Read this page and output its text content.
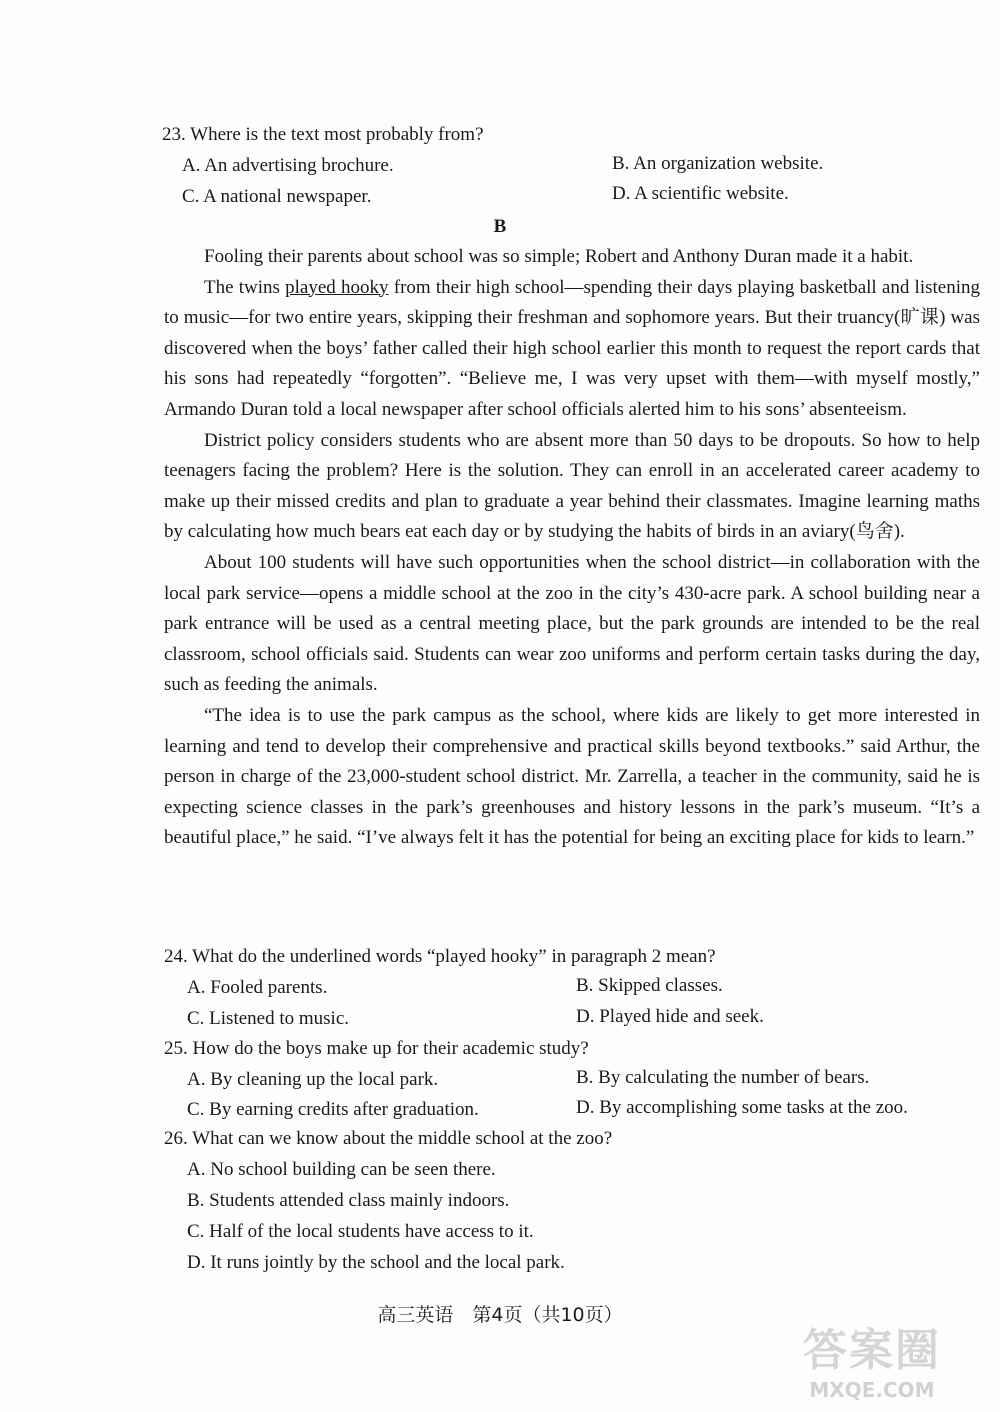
23. Where is the text most probably from?
A. An advertising brochure.	B. An organization website.
C. A national newspaper.	D. A scientific website.
B

Fooling their parents about school was so simple; Robert and Anthony Duran made it a habit.

The twins played hooky from their high school—spending their days playing basketball and listening to music—for two entire years, skipping their freshman and sophomore years. But their truancy(旷课) was discovered when the boys’ father called their high school earlier this month to request the report cards that his sons had repeatedly “forgotten”. “Believe me, I was very upset with them—with myself mostly,” Armando Duran told a local newspaper after school officials alerted him to his sons’ absenteeism.

District policy considers students who are absent more than 50 days to be dropouts. So how to help teenagers facing the problem? Here is the solution. They can enroll in an accelerated career academy to make up their missed credits and plan to graduate a year behind their classmates. Imagine learning maths by calculating how much bears eat each day or by studying the habits of birds in an aviary(鸟舍).

About 100 students will have such opportunities when the school district—in collaboration with the local park service—opens a middle school at the zoo in the city’s 430-acre park. A school building near a park entrance will be used as a central meeting place, but the park grounds are intended to be the real classroom, school officials said. Students can wear zoo uniforms and perform certain tasks during the day, such as feeding the animals.

“The idea is to use the park campus as the school, where kids are likely to get more interested in learning and tend to develop their comprehensive and practical skills beyond textbooks.” said Arthur, the person in charge of the 23,000-student school district. Mr. Zarrella, a teacher in the community, said he is expecting science classes in the park’s greenhouses and history lessons in the park’s museum. “It’s a beautiful place,” he said. “I’ve always felt it has the potential for being an exciting place for kids to learn.”

24. What do the underlined words “played hooky” in paragraph 2 mean?
A. Fooled parents.	B. Skipped classes.
C. Listened to music.	D. Played hide and seek.
25. How do the boys make up for their academic study?
A. By cleaning up the local park.	B. By calculating the number of bears.
C. By earning credits after graduation.	D. By accomplishing some tasks at the zoo.
26. What can we know about the middle school at the zoo?
A. No school building can be seen there.
B. Students attended class mainly indoors.
C. Half of the local students have access to it.
D. It runs jointly by the school and the local park.
高三英语　第4页（共10页）
答案圈
MXQE.COM
